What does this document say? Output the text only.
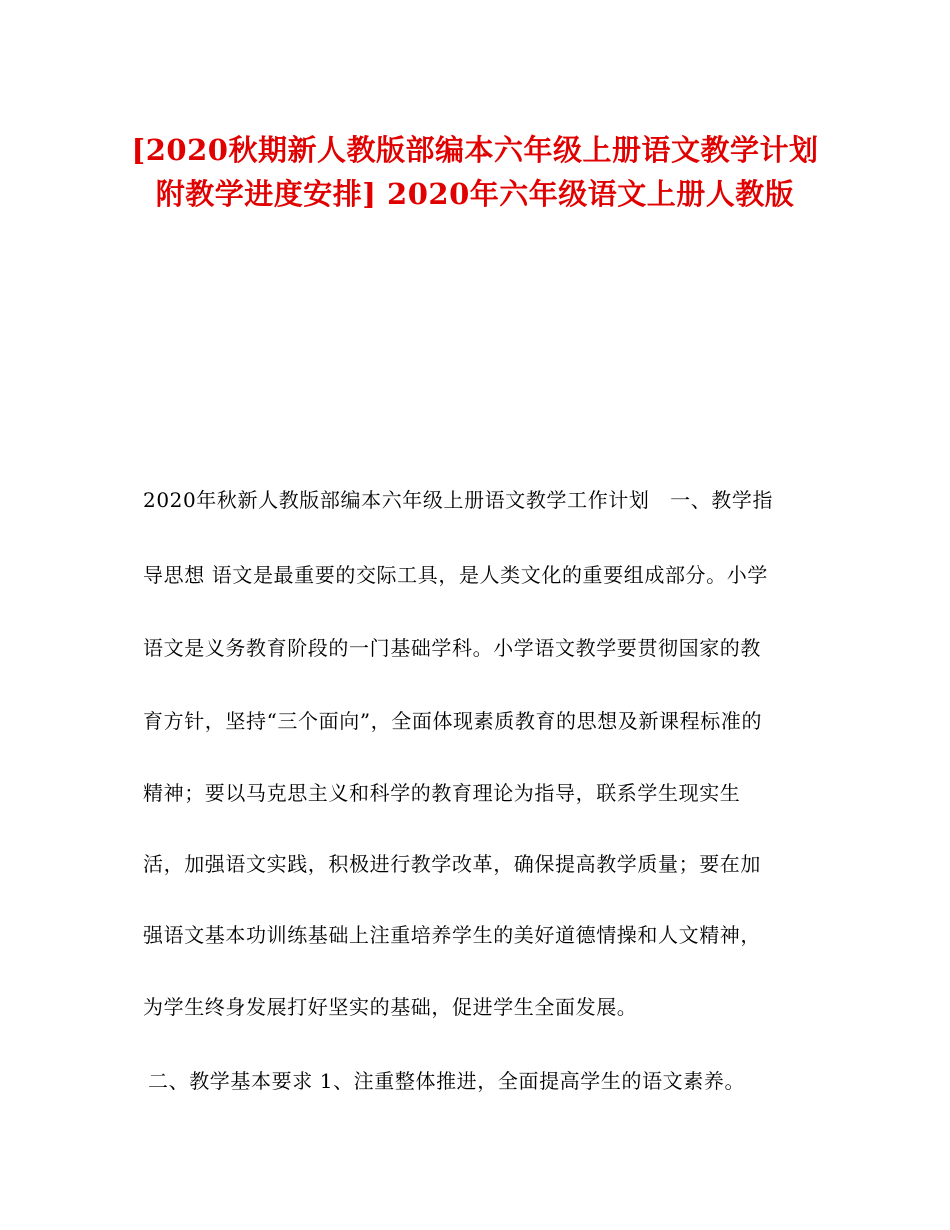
[2020秋期新人教版部编本六年级上册语文教学计划
附教学进度安排] 2020年六年级语文上册人教版
2020年秋新人教版部编本六年级上册语文教学工作计划　一、教学指
导思想 语文是最重要的交际工具，是人类文化的重要组成部分。小学
语文是义务教育阶段的一门基础学科。小学语文教学要贯彻国家的教
育方针，坚持“三个面向”，全面体现素质教育的思想及新课程标准的
精神；要以马克思主义和科学的教育理论为指导，联系学生现实生
活，加强语文实践，积极进行教学改革，确保提高教学质量；要在加
强语文基本功训练基础上注重培养学生的美好道德情操和人文精神，
为学生终身发展打好坚实的基础，促进学生全面发展。
二、教学基本要求 1、注重整体推进，全面提高学生的语文素养。
